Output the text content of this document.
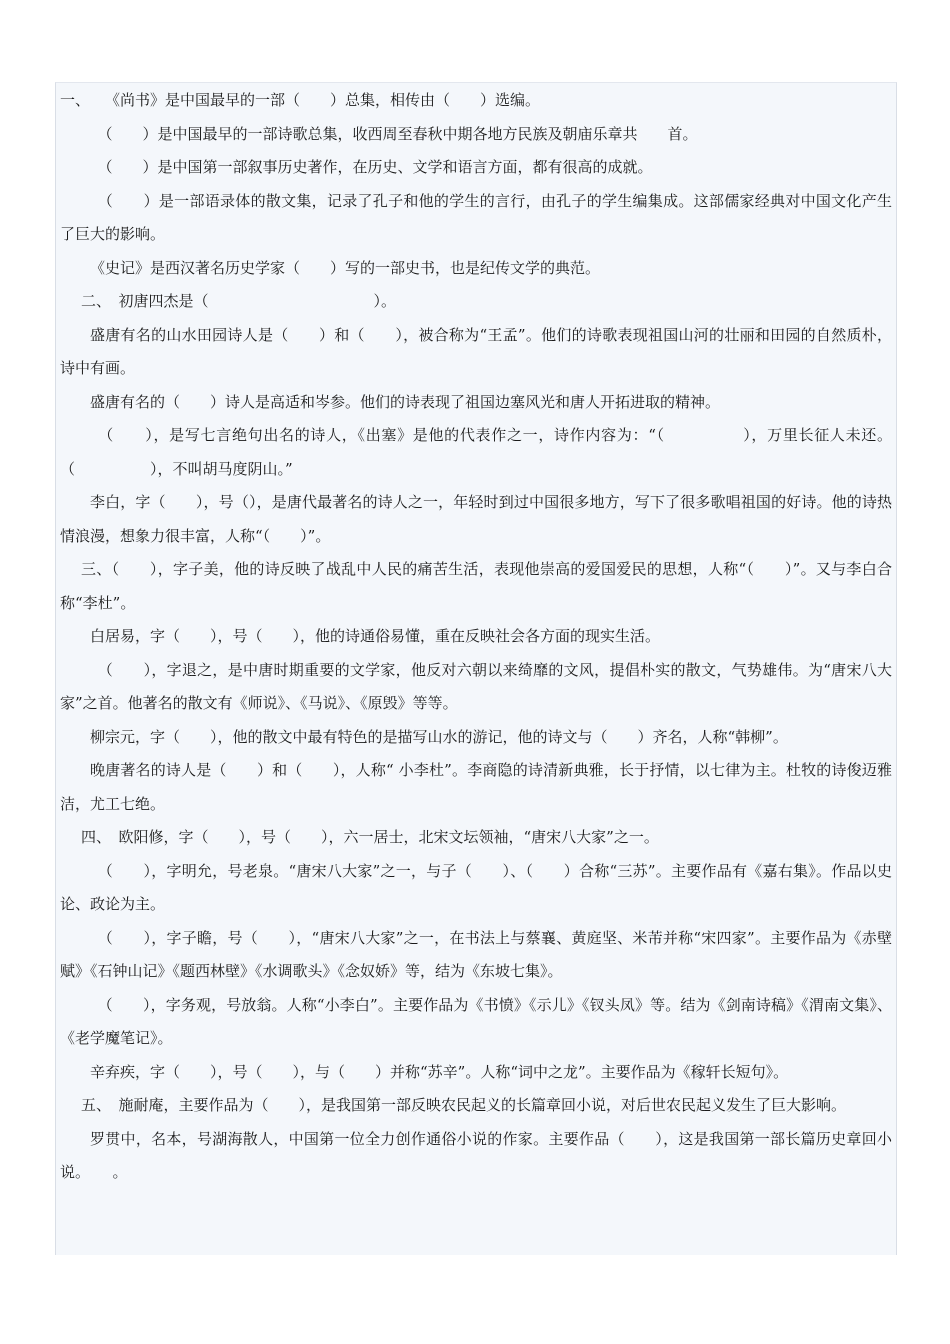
一、　　《尚书》是中国最早的一部（　　）总集，相传由（　　）选编。

　（　　）是中国最早的一部诗歌总集，收西周至春秋中期各地方民族及朝庙乐章共　　首。

　（　　）是中国第一部叙事历史著作，在历史、文学和语言方面，都有很高的成就。

　（　　）是一部语录体的散文集，记录了孔子和他的学生的言行，由孔子的学生编集成。这部儒家经典对中国文化产生了巨大的影响。

《史记》是西汉著名历史学家（　　）写的一部史书，也是纪传文学的典范。

二、　初唐四杰是（　　　　　　　　　　　）。

盛唐有名的山水田园诗人是（　　）和（　　），被合称为“王孟”。他们的诗歌表现祖国山河的壮丽和田园的自然质朴，诗中有画。

盛唐有名的（　　）诗人是高适和岑参。他们的诗表现了祖国边塞风光和唐人开拓进取的精神。

　（　　），是写七言绝句出名的诗人，《出塞》是他的代表作之一，诗作内容为：“（　　　　　），万里长征人未还。（　　　　　），不叫胡马度阴山。”

李白，字（　　），号（），是唐代最著名的诗人之一，年轻时到过中国很多地方，写下了很多歌唱祖国的好诗。他的诗热情浪漫，想象力很丰富，人称“（　　）”。

三、（　　），字子美，他的诗反映了战乱中人民的痛苦生活，表现他崇高的爱国爱民的思想，人称“（　　）”。又与李白合称“李杜”。

白居易，字（　　），号（　　），他的诗通俗易懂，重在反映社会各方面的现实生活。

　（　　），字退之，是中唐时期重要的文学家，他反对六朝以来绮靡的文风，提倡朴实的散文，气势雄伟。为“唐宋八大家”之首。他著名的散文有《师说》、《马说》、《原毁》等等。

柳宗元，字（　　），他的散文中最有特色的是描写山水的游记，他的诗文与（　　）齐名，人称“韩柳”。

晚唐著名的诗人是（　　）和（　　），人称“ 小李杜”。李商隐的诗清新典雅，长于抒情，以七律为主。杜牧的诗俊迈雅洁，尤工七绝。

四、　欧阳修，字（　　），号（　　），六一居士，北宋文坛领袖，“唐宋八大家”之一。

　（　　），字明允，号老泉。“唐宋八大家”之一，与子（　　）、（　　）合称“三苏”。主要作品有《嘉右集》。作品以史论、政论为主。

　（　　），字子瞻，号（　　），“唐宋八大家”之一，在书法上与蔡襄、黄庭坚、米芾并称“宋四家”。主要作品为《赤壁赋》《石钟山记》《题西林壁》《水调歌头》《念奴娇》等，结为《东坡七集》。

　（　　），字务观，号放翁。人称“小李白”。主要作品为《书愤》《示儿》《钗头凤》等。结为《剑南诗稿》《渭南文集》、《老学魔笔记》。

辛弃疾，字（　　），号（　　），与（　　）并称“苏辛”。人称“词中之龙”。主要作品为《稼轩长短句》。

五、　施耐庵，主要作品为（　　），是我国第一部反映农民起义的长篇章回小说，对后世农民起义发生了巨大影响。

罗贯中，名本，号湖海散人，中国第一位全力创作通俗小说的作家。主要作品（　　），这是我国第一部长篇历史章回小说。　　。
